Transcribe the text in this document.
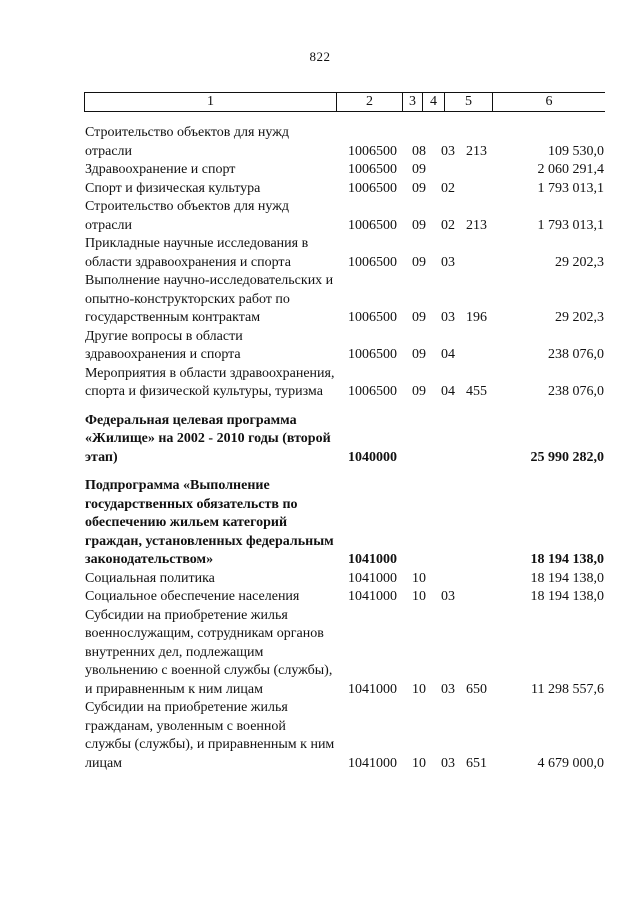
822
1	2	3	4	5	6
Строительство объектов для нужд отрасли	1006500 08 03 213	109 530,0
Здравоохранение и спорт	1006500 09	2 060 291,4
Спорт и физическая культура	1006500 09 02	1 793 013,1
Строительство объектов для нужд отрасли	1006500 09 02 213	1 793 013,1
Прикладные научные исследования в области здравоохранения и спорта	1006500 09 03	29 202,3
Выполнение научно-исследовательских и опытно-конструкторских работ по государственным контрактам	1006500 09 03 196	29 202,3
Другие вопросы в области здравоохранения и спорта	1006500 09 04	238 076,0
Мероприятия в области здравоохранения, спорта и физической культуры, туризма	1006500 09 04 455	238 076,0
Федеральная целевая программа «Жилище» на 2002 - 2010 годы (второй этап)	1040000	25 990 282,0
Подпрограмма «Выполнение государственных обязательств по обеспечению жильем категорий граждан, установленных федеральным законодательством»	1041000	18 194 138,0
Социальная политика	1041000 10	18 194 138,0
Социальное обеспечение населения	1041000 10 03	18 194 138,0
Субсидии на приобретение жилья военнослужащим, сотрудникам органов внутренних дел, подлежащим увольнению с военной службы (службы), и приравненным к ним лицам	1041000 10 03 650	11 298 557,6
Субсидии на приобретение жилья гражданам, уволенным с военной службы (службы), и приравненным к ним лицам	1041000 10 03 651	4 679 000,0
